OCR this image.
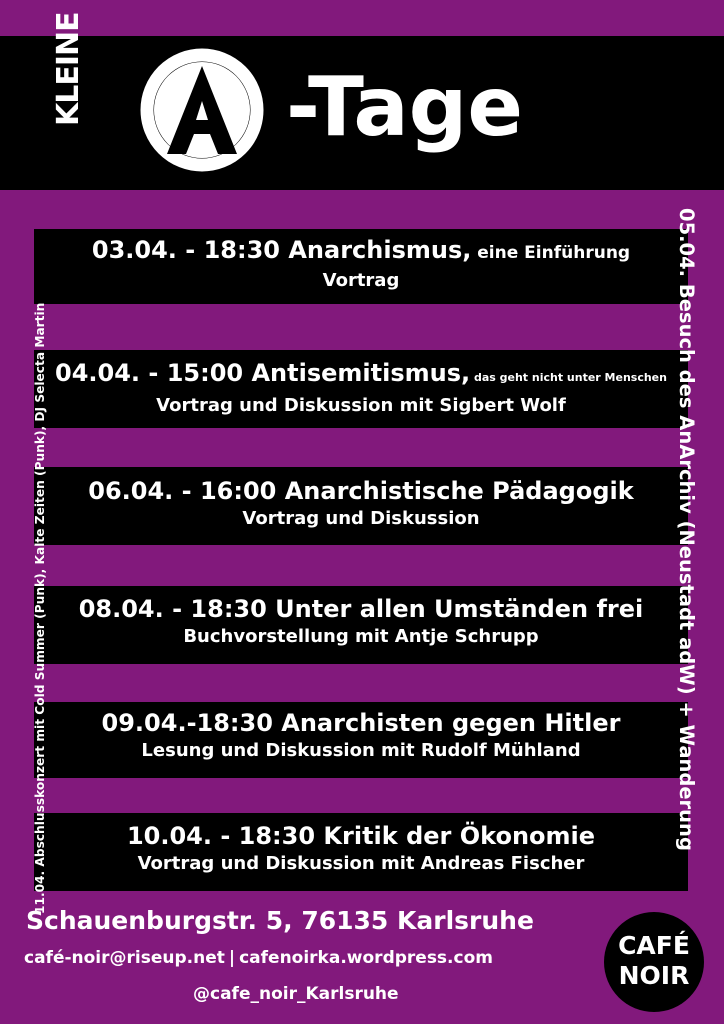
KLEINE -Tage
03.04. - 18:30 Anarchismus, eine Einführung
Vortrag
04.04. - 15:00 Antisemitismus, das geht nicht unter Menschen
Vortrag und Diskussion mit Sigbert Wolf
06.04. - 16:00 Anarchistische Pädagogik
Vortrag und Diskussion
08.04. - 18:30 Unter allen Umständen frei
Buchvorstellung mit Antje Schrupp
09.04.-18:30 Anarchisten gegen Hitler
Lesung und Diskussion mit Rudolf Mühland
10.04. - 18:30 Kritik der Ökonomie
Vortrag und Diskussion mit Andreas Fischer
11.04. Abschlusskonzert mit Cold Summer (Punk), Kalte Zeiten (Punk), DJ Selecta Martin	05.04. Besuch des AnArchiv (Neustadt adW) + Wanderung
Schauenburgstr. 5, 76135 Karlsruhe
café-noir@riseup.net | cafenoirka.wordpress.com
@cafe_noir_Karlsruhe
CAFÉ
NOIR
